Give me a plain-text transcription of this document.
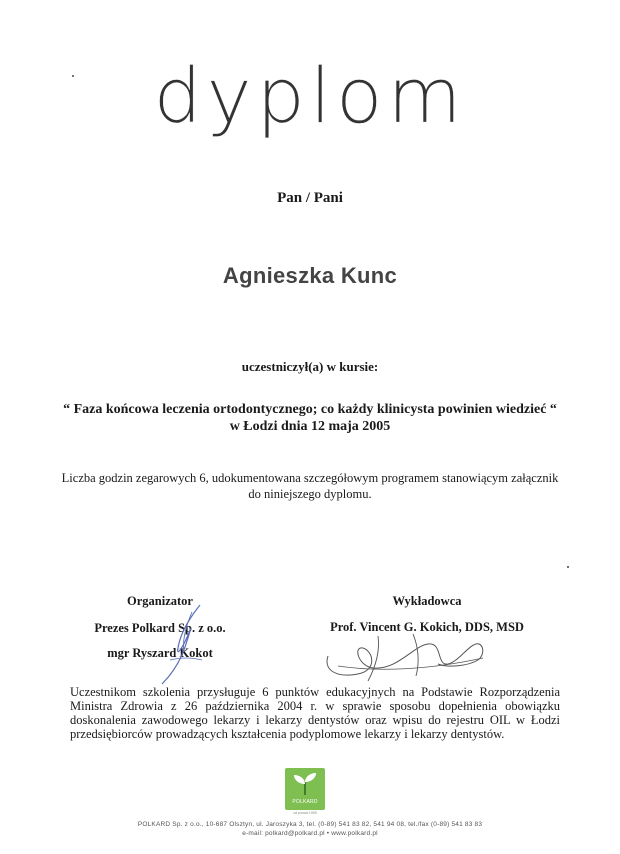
dyplom
Pan / Pani
Agnieszka Kunc
uczestniczył(a) w kursie:
“ Faza końcowa leczenia ortodontycznego; co każdy klinicysta powinien wiedzieć “
w Łodzi dnia 12 maja 2005
Liczba godzin zegarowych 6, udokumentowana szczegółowym programem stanowiącym załącznik
do niniejszego dyplomu.
Organizator
Prezes Polkard Sp. z o.o.
mgr Ryszard Kokot
Wykładowca
Prof. Vincent G. Kokich, DDS, MSD
Uczestnikom szkolenia przysługuje 6 punktów edukacyjnych na Podstawie Rozporządzenia Ministra Zdrowia z 26 października 2004 r. w sprawie sposobu dopełnienia obowiązku doskonalenia zawodowego lekarzy i lekarzy dentystów oraz wpisu do rejestru OIL w Łodzi przedsiębiorców prowadzących kształcenia podyplomowe lekarzy i lekarzy dentystów.
POLKARD
od ponad 1995
POLKARD Sp. z o.o., 10-687 Olsztyn, ul. Jaroszyka 3, tel. (0-89) 541 83 82, 541 94 08, tel./fax (0-89) 541 83 83
e-mail: polkard@polkard.pl • www.polkard.pl
